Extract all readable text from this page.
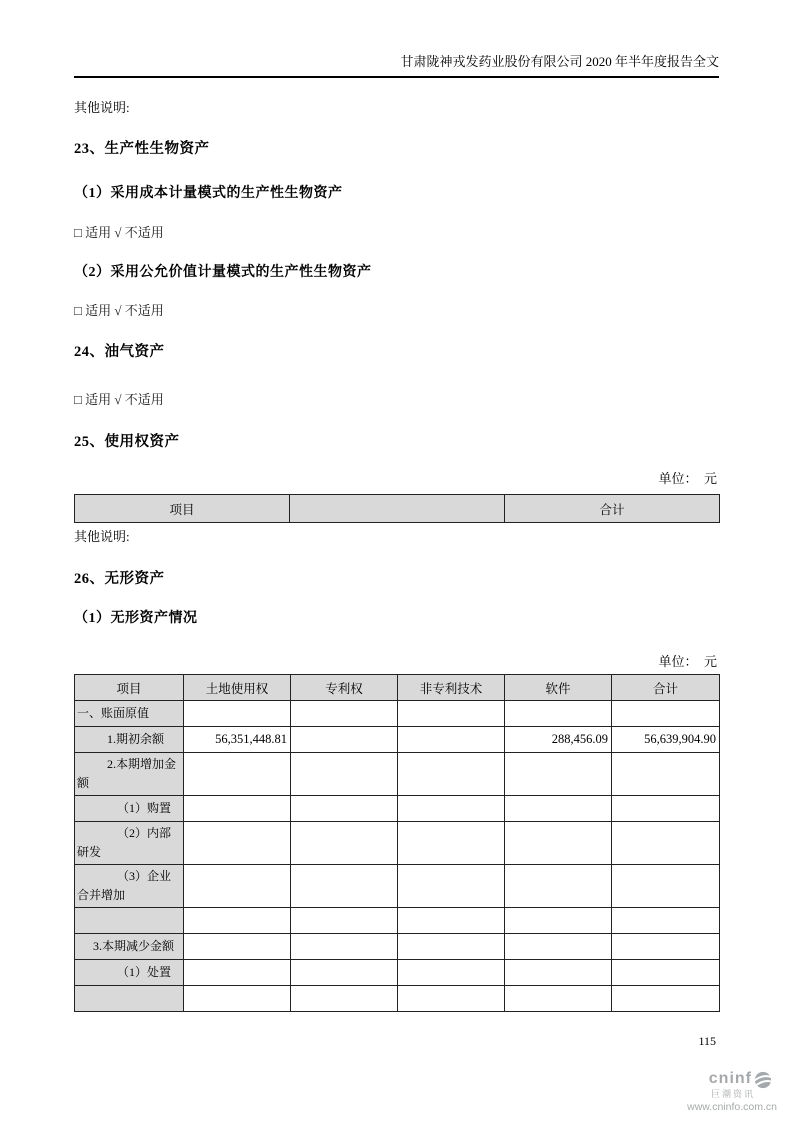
甘肃陇神戎发药业股份有限公司 2020 年半年度报告全文
其他说明:
23、生产性生物资产
（1）采用成本计量模式的生产性生物资产
□ 适用 √ 不适用
（2）采用公允价值计量模式的生产性生物资产
□ 适用 √ 不适用
24、油气资产
□ 适用 √ 不适用
25、使用权资产
单位：　元
项目		合计
其他说明:
26、无形资产
（1）无形资产情况
单位：　元
项目	土地使用权	专利权	非专利技术	软件	合计
一、账面原值					
1.期初余额	56,351,448.81			288,456.09	56,639,904.90
2.本期增加金额					
（1）购置					
（2）内部研发					
（3）企业合并增加					

3.本期减少金额					
（1）处置					

115
cninf
巨潮资讯
www.cninfo.com.cn
